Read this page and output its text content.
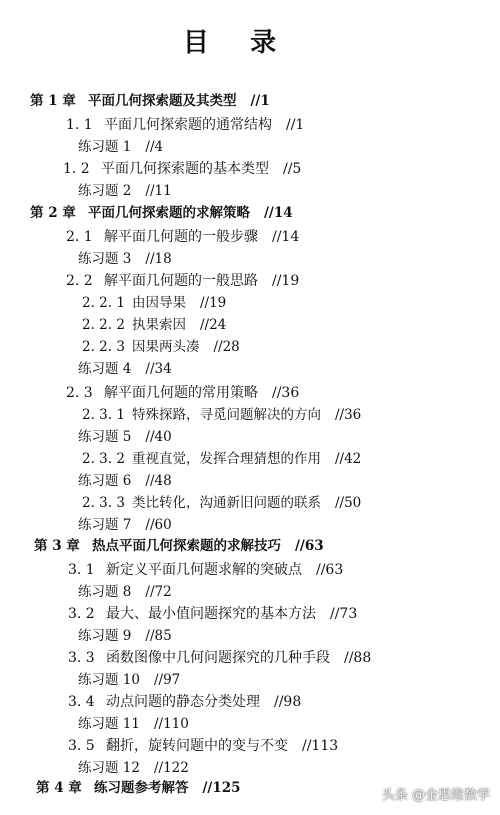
目    录
第 1 章 平面几何探索题及其类型 //1
1. 1 平面几何探索题的通常结构 //1
练习题 1 //4
1. 2 平面几何探索题的基本类型 //5
练习题 2 //11
第 2 章 平面几何探索题的求解策略 //14
2. 1 解平面几何题的一般步骤 //14
练习题 3 //18
2. 2 解平面几何题的一般思路 //19
2. 2. 1 由因导果 //19
2. 2. 2 执果索因 //24
2. 2. 3 因果两头凑 //28
练习题 4 //34
2. 3 解平面几何题的常用策略 //36
2. 3. 1 特殊探路，寻觅问题解决的方向 //36
练习题 5 //40
2. 3. 2 重视直觉，发挥合理猜想的作用 //42
练习题 6 //48
2. 3. 3 类比转化，沟通新旧问题的联系 //50
练习题 7 //60
第 3 章 热点平面几何探索题的求解技巧 //63
3. 1 新定义平面几何题求解的突破点 //63
练习题 8 //72
3. 2 最大、最小值问题探究的基本方法 //73
练习题 9 //85
3. 3 函数图像中几何问题探究的几种手段 //88
练习题 10 //97
3. 4 动点问题的静态分类处理 //98
练习题 11 //110
3. 5 翻折，旋转问题中的变与不变 //113
练习题 12 //122
第 4 章 练习题参考解答 //125	头条 @金思维数学
